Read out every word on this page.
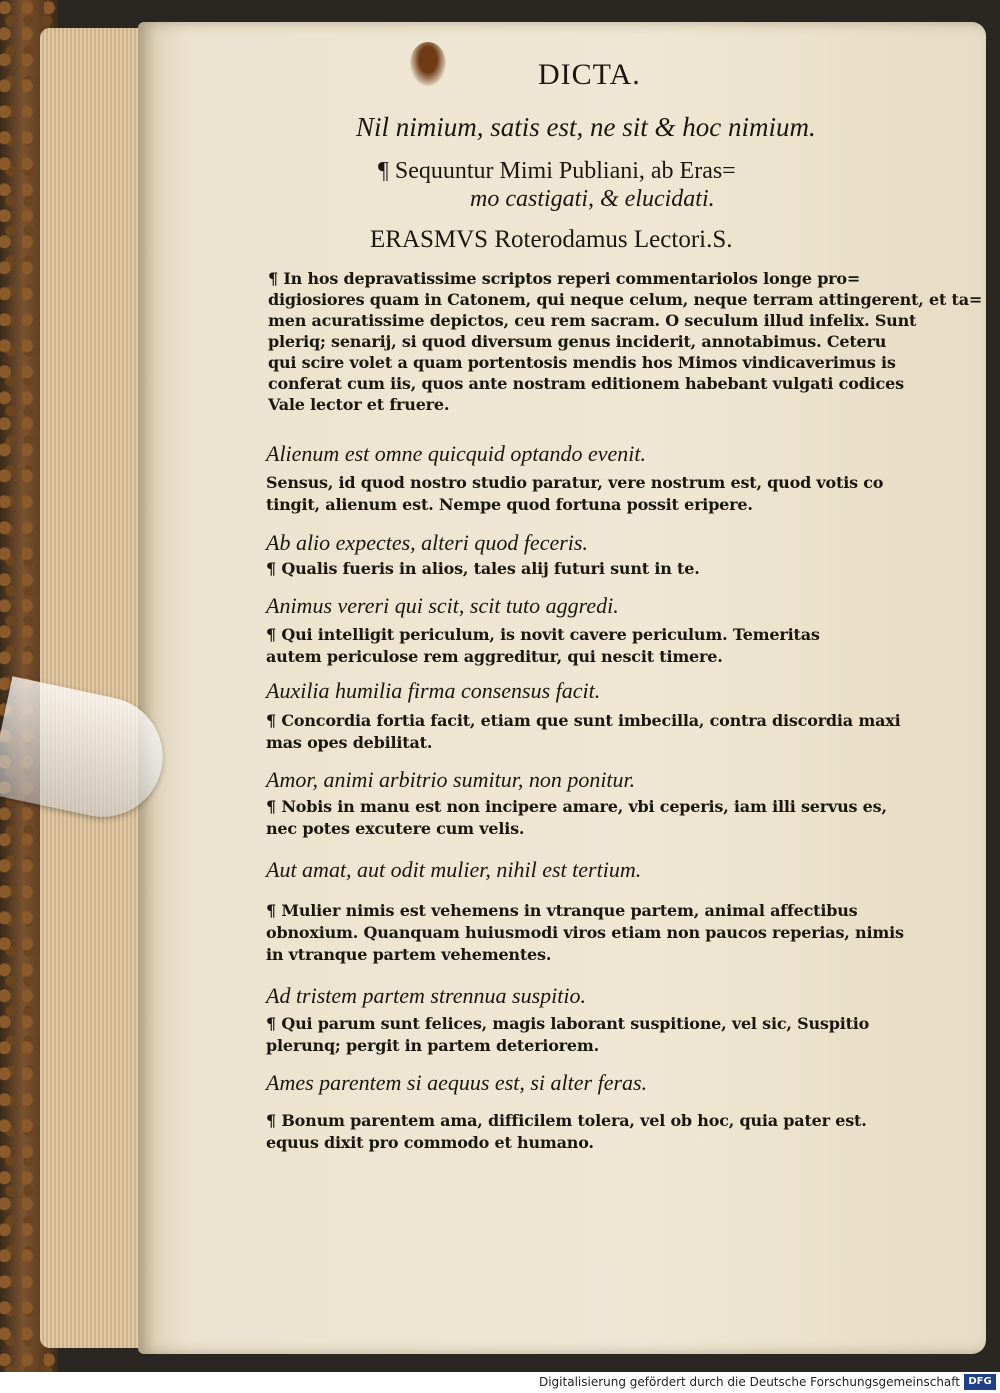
DICTA.
Nil nimium, satis est, ne sit & hoc nimium.
¶ Sequuntur Mimi Publiani, ab Eras=
mo castigati, & elucidati.
ERASMVS Roterodamus Lectori.S.
¶ In hos depravatissime scriptos reperi commentariolos longe pro=
digiosiores quam in Catonem, qui neque celum, neque terram attingerent, et ta=
men acuratissime depictos, ceu rem sacram. O seculum illud infelix. Sunt
pleriq; senarij, si quod diversum genus inciderit, annotabimus. Ceteru
qui scire volet a quam portentosis mendis hos Mimos vindicaverimus is
conferat cum iis, quos ante nostram editionem habebant vulgati codices
Vale lector et fruere.
Alienum est omne quicquid optando evenit.
Sensus, id quod nostro studio paratur, vere nostrum est, quod votis co
tingit, alienum est. Nempe quod fortuna possit eripere.
Ab alio expectes, alteri quod feceris.
¶ Qualis fueris in alios, tales alij futuri sunt in te.
Animus vereri qui scit, scit tuto aggredi.
¶ Qui intelligit periculum, is novit cavere periculum. Temeritas
autem periculose rem aggreditur, qui nescit timere.
Auxilia humilia firma consensus facit.
¶ Concordia fortia facit, etiam que sunt imbecilla, contra discordia maxi
mas opes debilitat.
Amor, animi arbitrio sumitur, non ponitur.
¶ Nobis in manu est non incipere amare, vbi ceperis, iam illi servus es,
nec potes excutere cum velis.
Aut amat, aut odit mulier, nihil est tertium.
¶ Mulier nimis est vehemens in vtranque partem, animal affectibus
obnoxium. Quanquam huiusmodi viros etiam non paucos reperias, nimis
in vtranque partem vehementes.
Ad tristem partem strennua suspitio.
¶ Qui parum sunt felices, magis laborant suspitione, vel sic, Suspitio
plerunq; pergit in partem deteriorem.
Ames parentem si aequus est, si alter feras.
¶ Bonum parentem ama, difficilem tolera, vel ob hoc, quia pater est.
equus dixit pro commodo et humano.
Digitalisierung gefördert durch die Deutsche Forschungsgemeinschaft DFG
